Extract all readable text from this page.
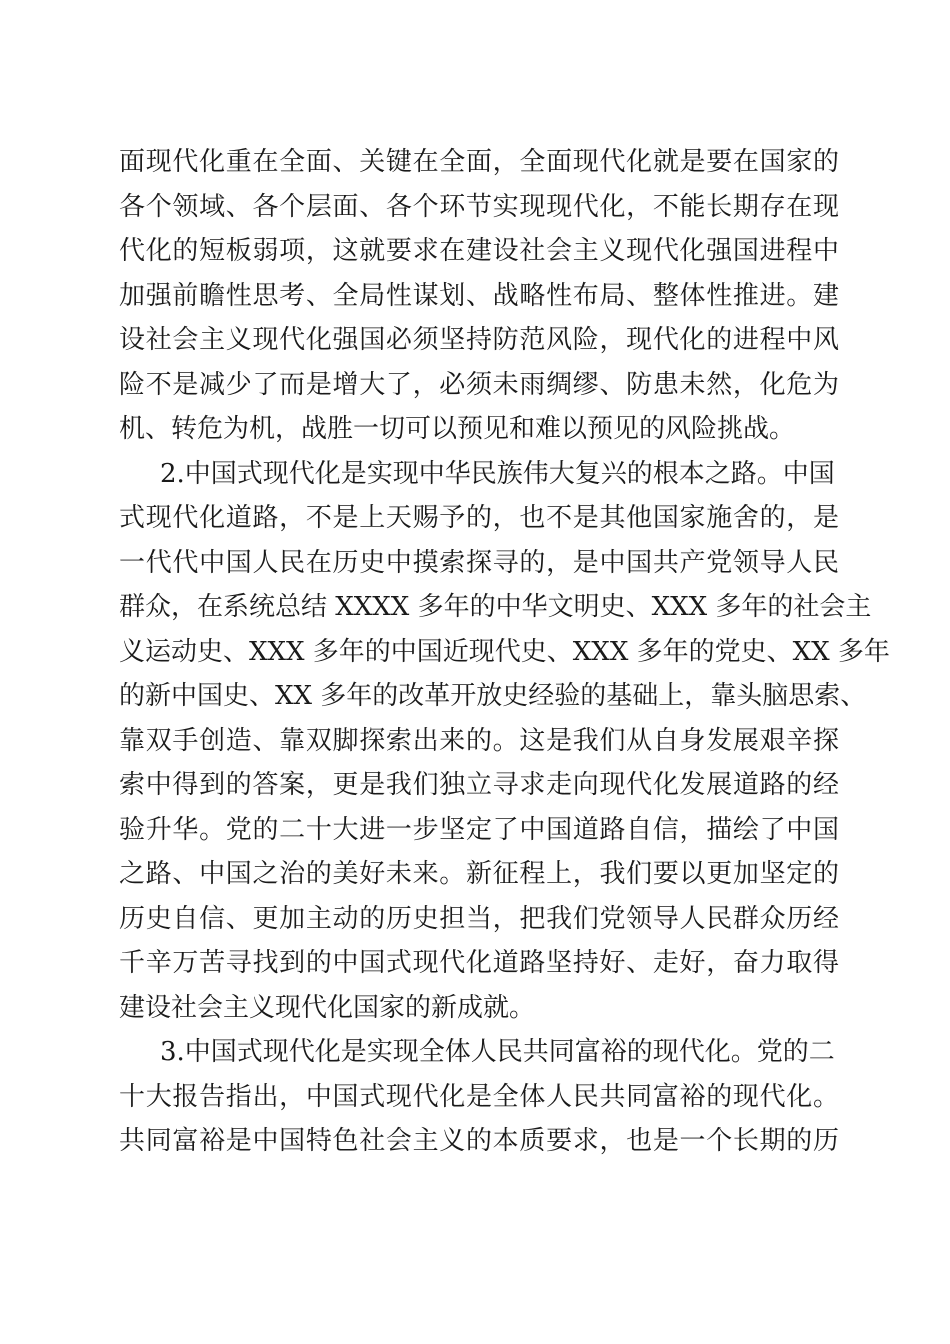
面现代化重在全面、关键在全面，全面现代化就是要在国家的
各个领域、各个层面、各个环节实现现代化，不能长期存在现
代化的短板弱项，这就要求在建设社会主义现代化强国进程中
加强前瞻性思考、全局性谋划、战略性布局、整体性推进。建
设社会主义现代化强国必须坚持防范风险，现代化的进程中风
险不是减少了而是增大了，必须未雨绸缪、防患未然，化危为
机、转危为机，战胜一切可以预见和难以预见的风险挑战。
2.中国式现代化是实现中华民族伟大复兴的根本之路。中国
式现代化道路，不是上天赐予的，也不是其他国家施舍的，是
一代代中国人民在历史中摸索探寻的，是中国共产党领导人民
群众，在系统总结 XXXX 多年的中华文明史、XXX 多年的社会主
义运动史、XXX 多年的中国近现代史、XXX 多年的党史、XX 多年
的新中国史、XX 多年的改革开放史经验的基础上，靠头脑思索、
靠双手创造、靠双脚探索出来的。这是我们从自身发展艰辛探
索中得到的答案，更是我们独立寻求走向现代化发展道路的经
验升华。党的二十大进一步坚定了中国道路自信，描绘了中国
之路、中国之治的美好未来。新征程上，我们要以更加坚定的
历史自信、更加主动的历史担当，把我们党领导人民群众历经
千辛万苦寻找到的中国式现代化道路坚持好、走好，奋力取得
建设社会主义现代化国家的新成就。
3.中国式现代化是实现全体人民共同富裕的现代化。党的二
十大报告指出，中国式现代化是全体人民共同富裕的现代化。
共同富裕是中国特色社会主义的本质要求，也是一个长期的历
